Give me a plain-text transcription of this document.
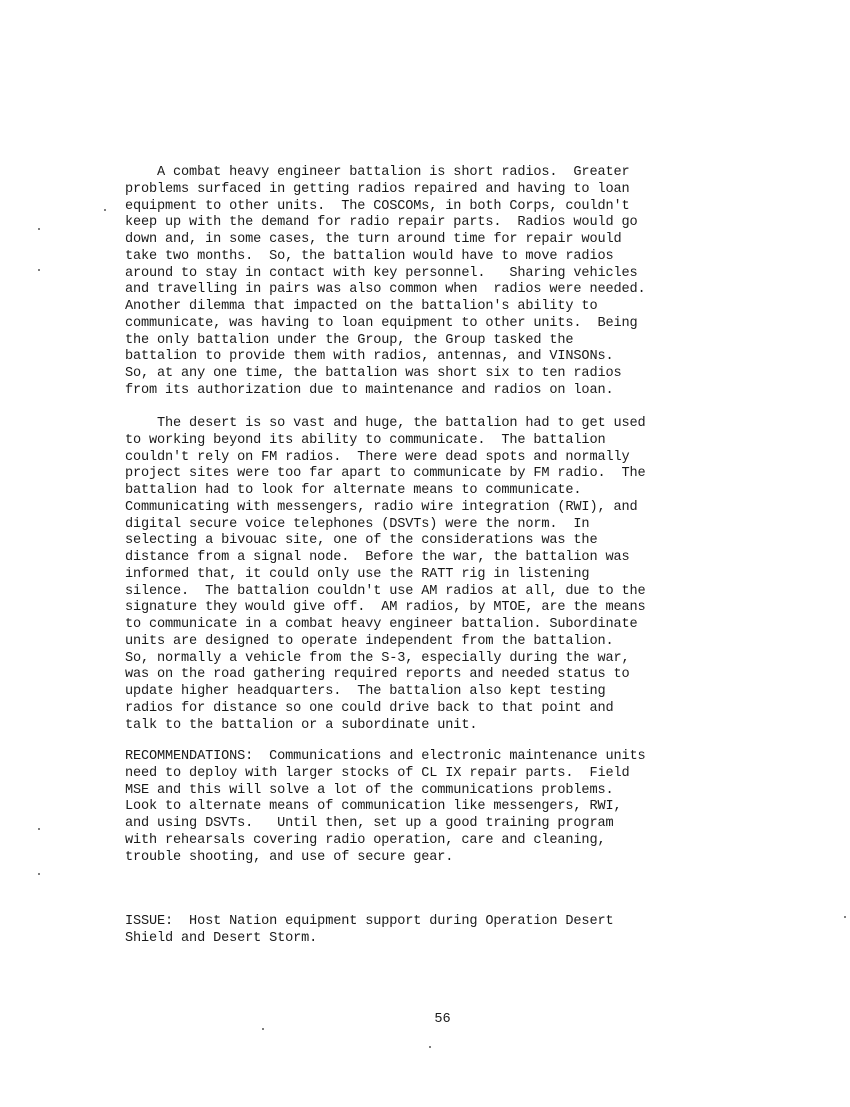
A combat heavy engineer battalion is short radios.  Greater
problems surfaced in getting radios repaired and having to loan
equipment to other units.  The COSCOMs, in both Corps, couldn't
keep up with the demand for radio repair parts.  Radios would go
down and, in some cases, the turn around time for repair would
take two months.  So, the battalion would have to move radios
around to stay in contact with key personnel.   Sharing vehicles
and travelling in pairs was also common when  radios were needed.
Another dilemma that impacted on the battalion's ability to
communicate, was having to loan equipment to other units.  Being
the only battalion under the Group, the Group tasked the
battalion to provide them with radios, antennas, and VINSONs.
So, at any one time, the battalion was short six to ten radios
from its authorization due to maintenance and radios on loan.
The desert is so vast and huge, the battalion had to get used
to working beyond its ability to communicate.  The battalion
couldn't rely on FM radios.  There were dead spots and normally
project sites were too far apart to communicate by FM radio.  The
battalion had to look for alternate means to communicate.
Communicating with messengers, radio wire integration (RWI), and
digital secure voice telephones (DSVTs) were the norm.  In
selecting a bivouac site, one of the considerations was the
distance from a signal node.  Before the war, the battalion was
informed that, it could only use the RATT rig in listening
silence.  The battalion couldn't use AM radios at all, due to the
signature they would give off.  AM radios, by MTOE, are the means
to communicate in a combat heavy engineer battalion. Subordinate
units are designed to operate independent from the battalion.
So, normally a vehicle from the S-3, especially during the war,
was on the road gathering required reports and needed status to
update higher headquarters.  The battalion also kept testing
radios for distance so one could drive back to that point and
talk to the battalion or a subordinate unit.
RECOMMENDATIONS:  Communications and electronic maintenance units
need to deploy with larger stocks of CL IX repair parts.  Field
MSE and this will solve a lot of the communications problems.
Look to alternate means of communication like messengers, RWI,
and using DSVTs.   Until then, set up a good training program
with rehearsals covering radio operation, care and cleaning,
trouble shooting, and use of secure gear.
ISSUE:  Host Nation equipment support during Operation Desert
Shield and Desert Storm.
56
